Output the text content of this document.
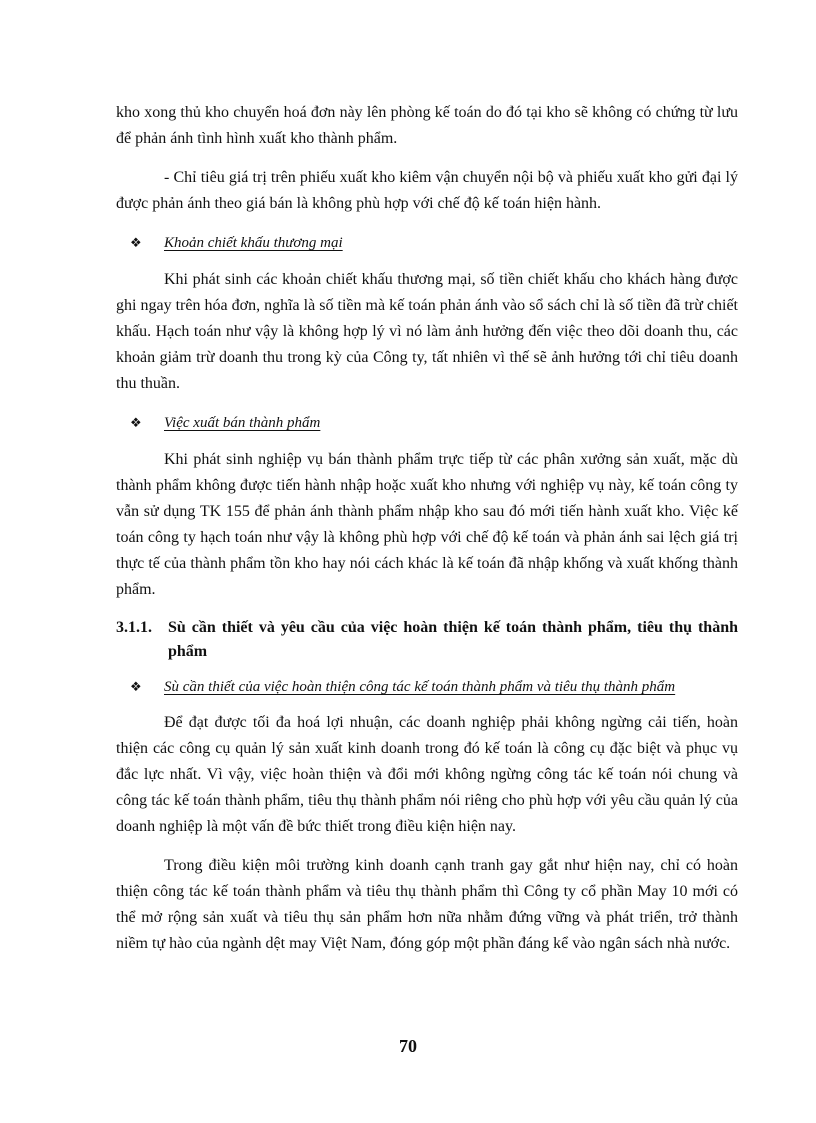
kho xong thủ kho chuyển hoá đơn này lên phòng kế toán do đó tại kho sẽ không có chứng từ lưu để phản ánh tình hình xuất kho thành phẩm.

- Chỉ tiêu giá trị trên phiếu xuất kho kiêm vận chuyển nội bộ và phiếu xuất kho gửi đại lý được phản ánh theo giá bán là không phù hợp với chế độ kế toán hiện hành.

❖	Khoản chiết khấu thương mại

Khi phát sinh các khoản chiết khấu thương mại, số tiền chiết khấu cho khách hàng được ghi ngay trên hóa đơn, nghĩa là số tiền mà kế toán phản ánh vào sổ sách chỉ là số tiền đã trừ chiết khấu. Hạch toán như vậy là không hợp lý vì nó làm ảnh hưởng đến việc theo dõi doanh thu, các khoản giảm trừ doanh thu trong kỳ của Công ty, tất nhiên vì thế sẽ ảnh hưởng tới chỉ tiêu doanh thu thuần.

❖	Việc xuất bán thành phẩm

Khi phát sinh nghiệp vụ bán thành phẩm trực tiếp từ các phân xưởng sản xuất, mặc dù thành phẩm không được tiến hành nhập hoặc xuất kho nhưng với nghiệp vụ này, kế toán công ty vẫn sử dụng TK 155 để phản ánh thành phẩm nhập kho sau đó mới tiến hành xuất kho. Việc kế toán công ty hạch toán như vậy là không phù hợp với chế độ kế toán và phản ánh sai lệch giá trị thực tế của thành phẩm tồn kho hay nói cách khác là kế toán đã nhập khống và xuất khống thành phẩm.

3.1.1.	Sù cần thiết và yêu cầu của việc hoàn thiện kế toán thành phẩm, tiêu thụ thành phẩm
❖	Sù cần thiết của việc hoàn thiện công tác kế toán thành phẩm và tiêu thụ thành phẩm

Để đạt được tối đa hoá lợi nhuận, các doanh nghiệp phải không ngừng cải tiến, hoàn thiện các công cụ quản lý sản xuất kinh doanh trong đó kế toán là công cụ đặc biệt và phục vụ đắc lực nhất. Vì vậy, việc hoàn thiện và đổi mới không ngừng công tác kế toán nói chung và công tác kế toán thành phẩm, tiêu thụ thành phẩm nói riêng cho phù hợp với yêu cầu quản lý của doanh nghiệp là một vấn đề bức thiết trong điều kiện hiện nay.

Trong điều kiện môi trường kinh doanh cạnh tranh gay gắt như hiện nay, chỉ có hoàn thiện công tác kế toán thành phẩm và tiêu thụ thành phẩm thì Công ty cổ phần May 10 mới có thể mở rộng sản xuất và tiêu thụ sản phẩm hơn nữa nhằm đứng vững và phát triển, trở thành niềm tự hào của ngành dệt may Việt Nam, đóng góp một phần đáng kể vào ngân sách nhà nước.

70
